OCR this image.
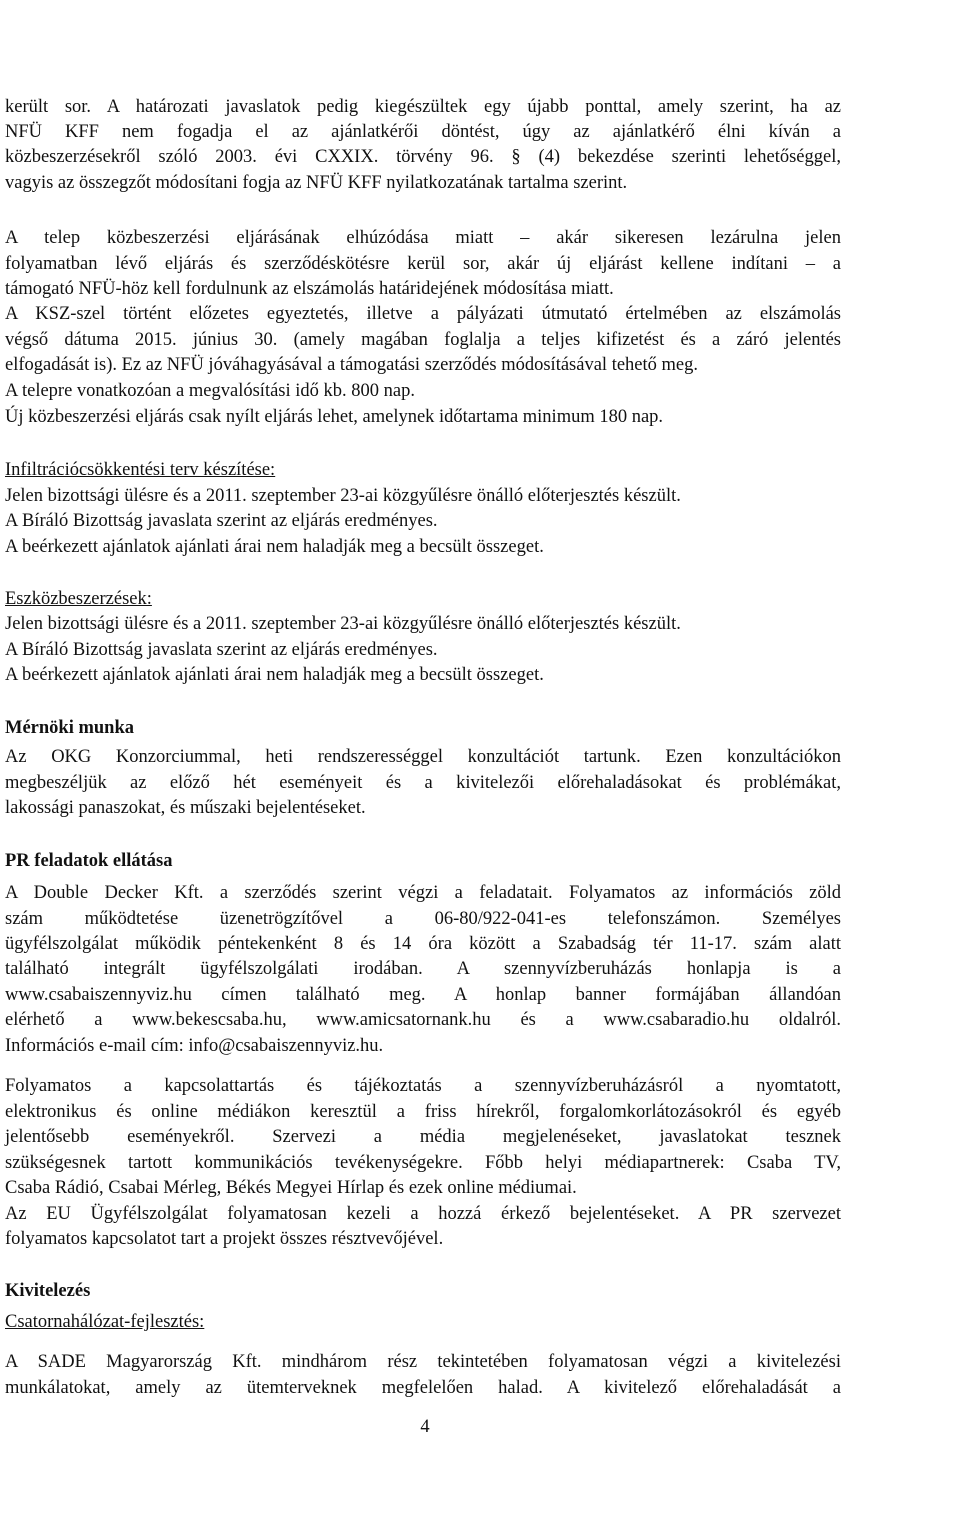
került sor. A határozati javaslatok pedig kiegészültek egy újabb ponttal, amely szerint, ha az

NFÜ KFF nem fogadja el az ajánlatkérői döntést, úgy az ajánlatkérő élni kíván a

közbeszerzésekről szóló 2003. évi CXXIX. törvény 96. § (4) bekezdése szerinti lehetőséggel,

vagyis az összegzőt módosítani fogja az NFÜ KFF nyilatkozatának tartalma szerint.

A telep közbeszerzési eljárásának elhúzódása miatt – akár sikeresen lezárulna jelen

folyamatban lévő eljárás és szerződéskötésre kerül sor, akár új eljárást kellene indítani – a

támogató NFÜ-höz kell fordulnunk az elszámolás határidejének módosítása miatt.

A KSZ-szel történt előzetes egyeztetés, illetve a pályázati útmutató értelmében az elszámolás

végső dátuma 2015. június 30. (amely magában foglalja a teljes kifizetést és a záró jelentés

elfogadását is). Ez az NFÜ jóváhagyásával a támogatási szerződés módosításával tehető meg.

A telepre vonatkozóan a megvalósítási idő kb. 800 nap.

Új közbeszerzési eljárás csak nyílt eljárás lehet, amelynek időtartama minimum 180 nap.

Infiltrációcsökkentési terv készítése:

Jelen bizottsági ülésre és a 2011. szeptember 23-ai közgyűlésre önálló előterjesztés készült.

A Bíráló Bizottság javaslata szerint az eljárás eredményes.

A beérkezett ajánlatok ajánlati árai nem haladják meg a becsült összeget.

Eszközbeszerzések:

Jelen bizottsági ülésre és a 2011. szeptember 23-ai közgyűlésre önálló előterjesztés készült.

A Bíráló Bizottság javaslata szerint az eljárás eredményes.

A beérkezett ajánlatok ajánlati árai nem haladják meg a becsült összeget.

Mérnöki munka

Az OKG Konzorciummal, heti rendszerességgel konzultációt tartunk. Ezen konzultációkon

megbeszéljük az előző hét eseményeit és a kivitelezői előrehaladásokat és problémákat,

lakossági panaszokat, és műszaki bejelentéseket.

PR feladatok ellátása

A Double Decker Kft. a szerződés szerint végzi a feladatait. Folyamatos az információs zöld

szám működtetése üzenetrögzítővel a 06-80/922-041-es telefonszámon. Személyes

ügyfélszolgálat működik péntekenként 8 és 14 óra között a Szabadság tér 11-17. szám alatt

található integrált ügyfélszolgálati irodában. A szennyvízberuházás honlapja is a

www.csabaiszennyviz.hu címen található meg. A honlap banner formájában állandóan

elérhető a www.bekescsaba.hu, www.amicsatornank.hu és a www.csabaradio.hu oldalról.

Információs e-mail cím: info@csabaiszennyviz.hu.

Folyamatos a kapcsolattartás és tájékoztatás a szennyvízberuházásról a nyomtatott,

elektronikus és online médiákon keresztül a friss hírekről, forgalomkorlátozásokról és egyéb

jelentősebb eseményekről. Szervezi a média megjelenéseket, javaslatokat tesznek

szükségesnek tartott kommunikációs tevékenységekre. Főbb helyi médiapartnerek: Csaba TV,

Csaba Rádió, Csabai Mérleg, Békés Megyei Hírlap és ezek online médiumai.

Az EU Ügyfélszolgálat folyamatosan kezeli a hozzá érkező bejelentéseket. A PR szervezet

folyamatos kapcsolatot tart a projekt összes résztvevőjével.

Kivitelezés

Csatornahálózat-fejlesztés:

A SADE Magyarország Kft. mindhárom rész tekintetében folyamatosan végzi a kivitelezési

munkálatokat, amely az ütemterveknek megfelelően halad. A kivitelező előrehaladását a

4
